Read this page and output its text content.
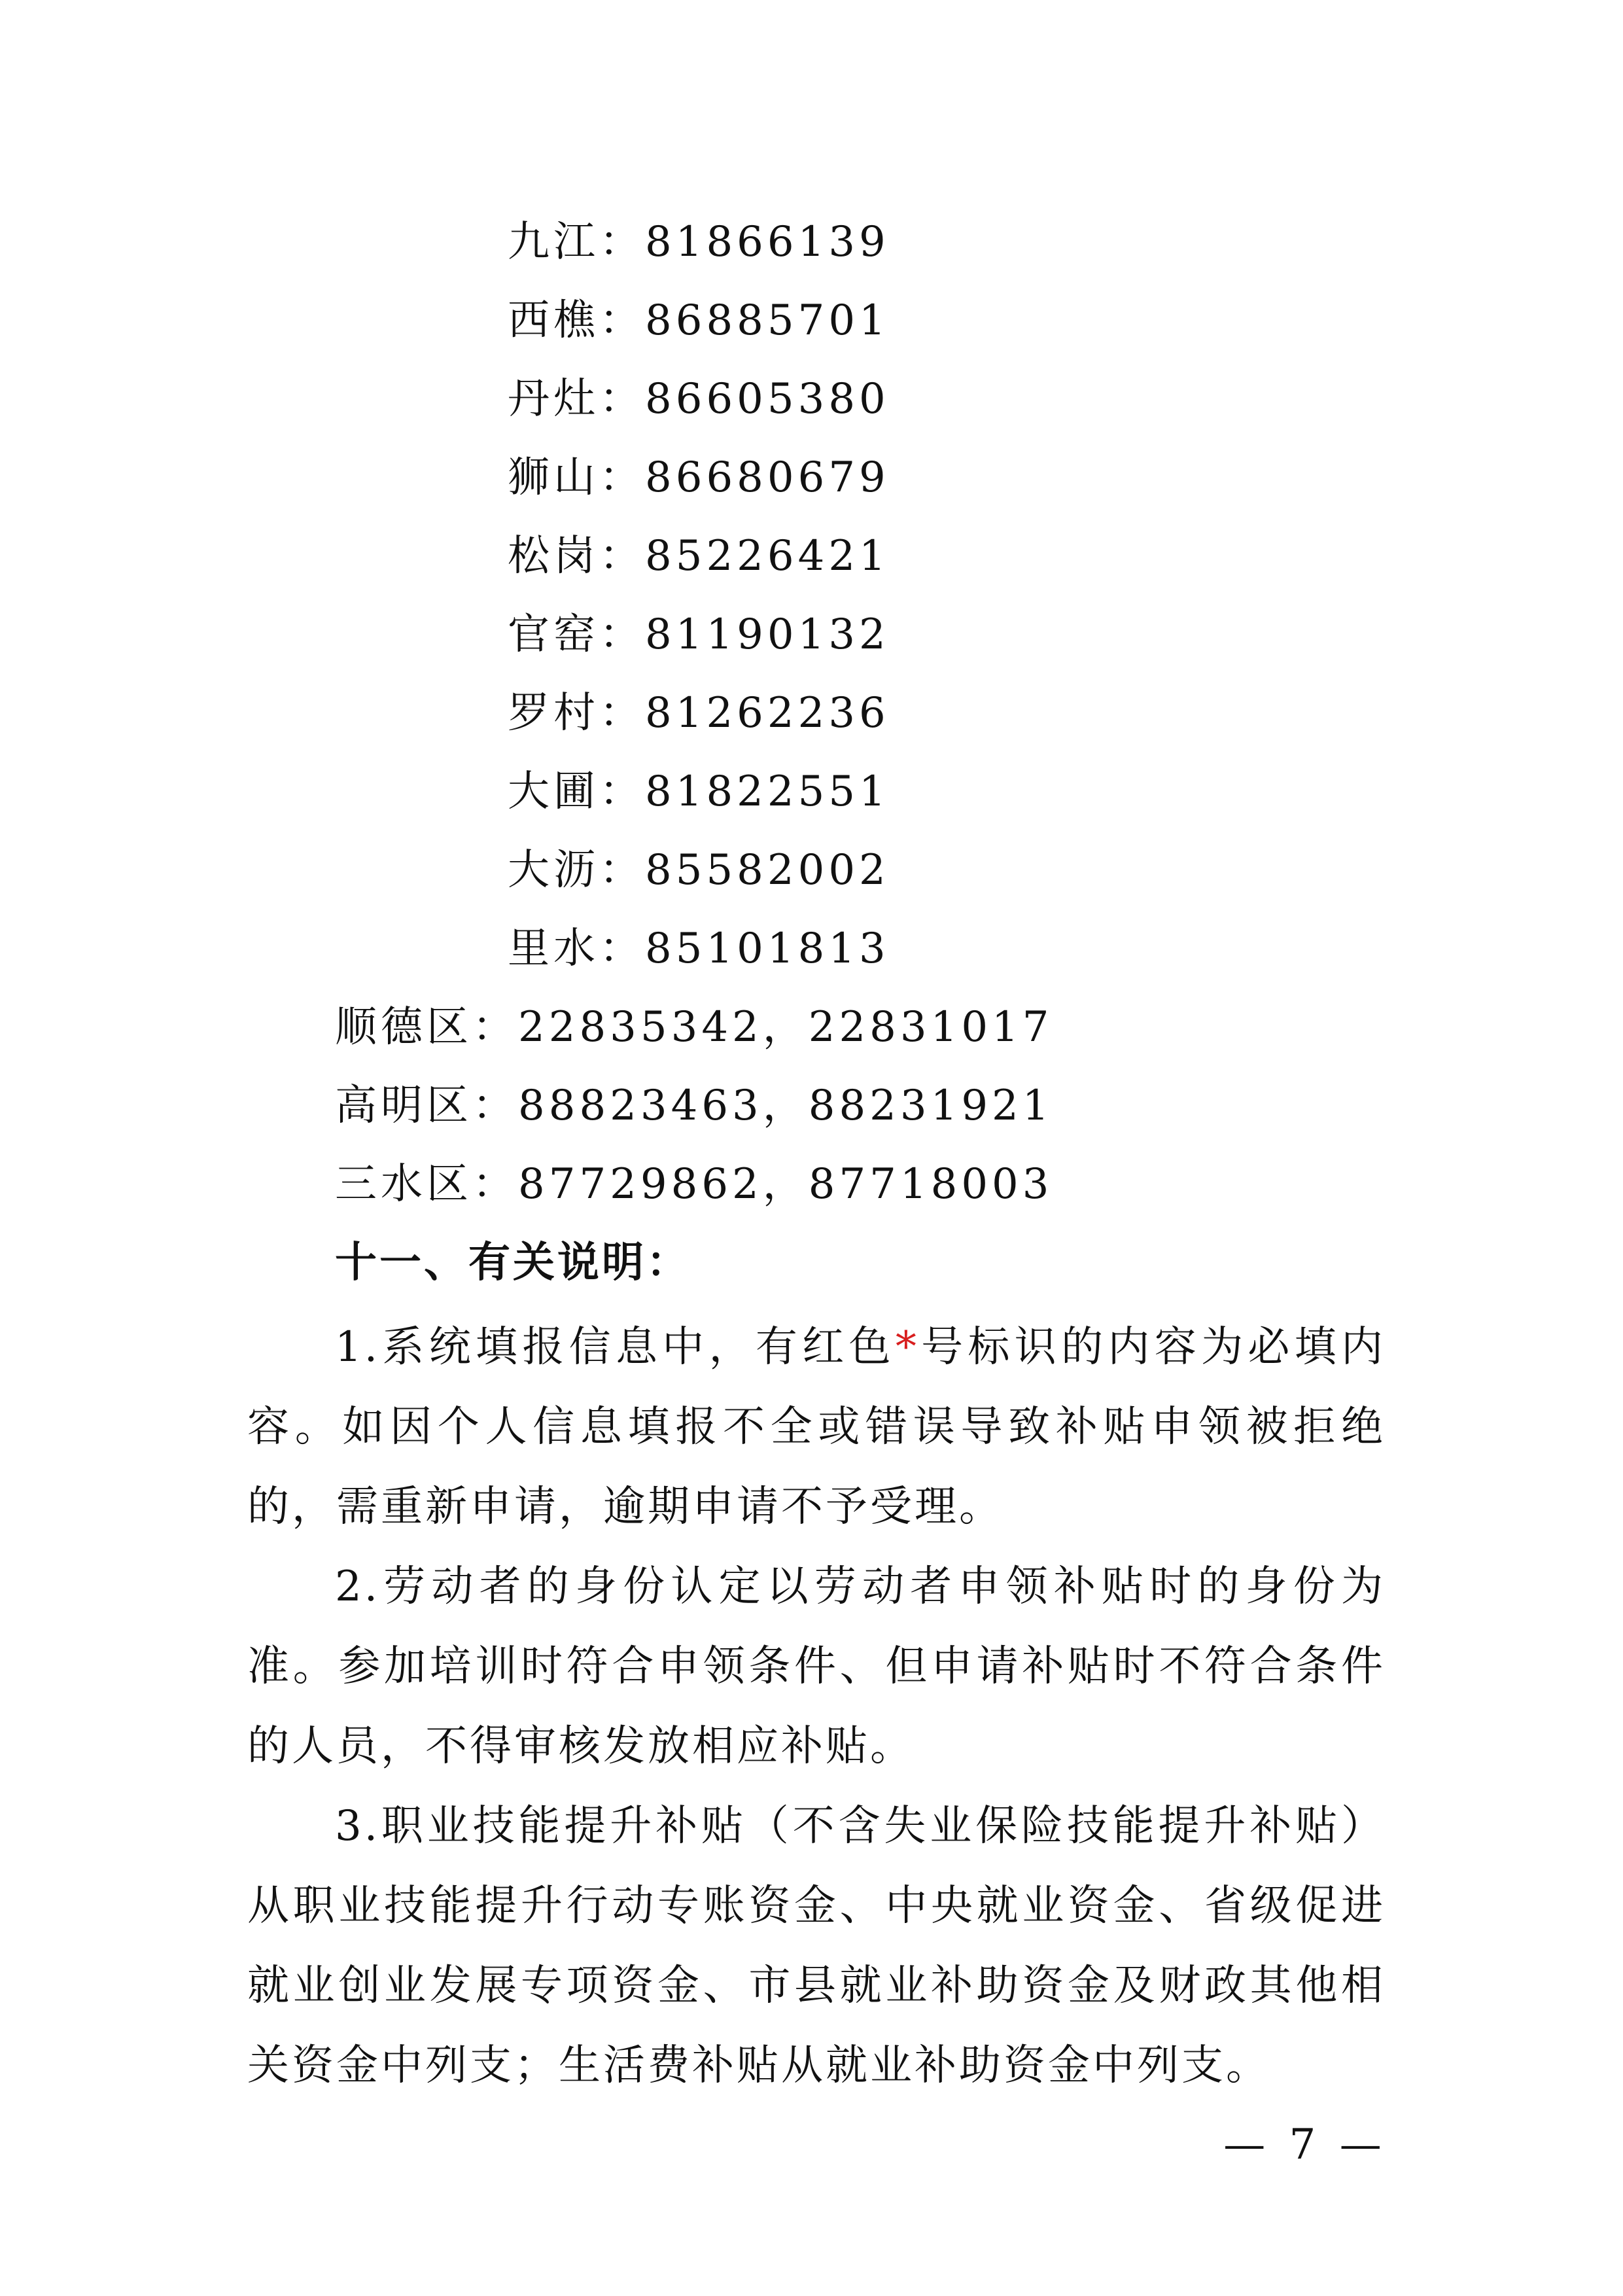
九江：81866139
西樵：86885701
丹灶：86605380
狮山：86680679
松岗：85226421
官窑：81190132
罗村：81262236
大圃：81822551
大沥：85582002
里水：85101813
顺德区：22835342，22831017
高明区：88823463，88231921
三水区：87729862，87718003
十一、有关说明：
1.系统填报信息中，有红色*号标识的内容为必填内容。如因个人信息填报不全或错误导致补贴申领被拒绝的，需重新申请，逾期申请不予受理。
2.劳动者的身份认定以劳动者申领补贴时的身份为准。参加培训时符合申领条件、但申请补贴时不符合条件的人员，不得审核发放相应补贴。
3.职业技能提升补贴（不含失业保险技能提升补贴）从职业技能提升行动专账资金、中央就业资金、省级促进就业创业发展专项资金、市县就业补助资金及财政其他相关资金中列支；生活费补贴从就业补助资金中列支。
— 7 —
